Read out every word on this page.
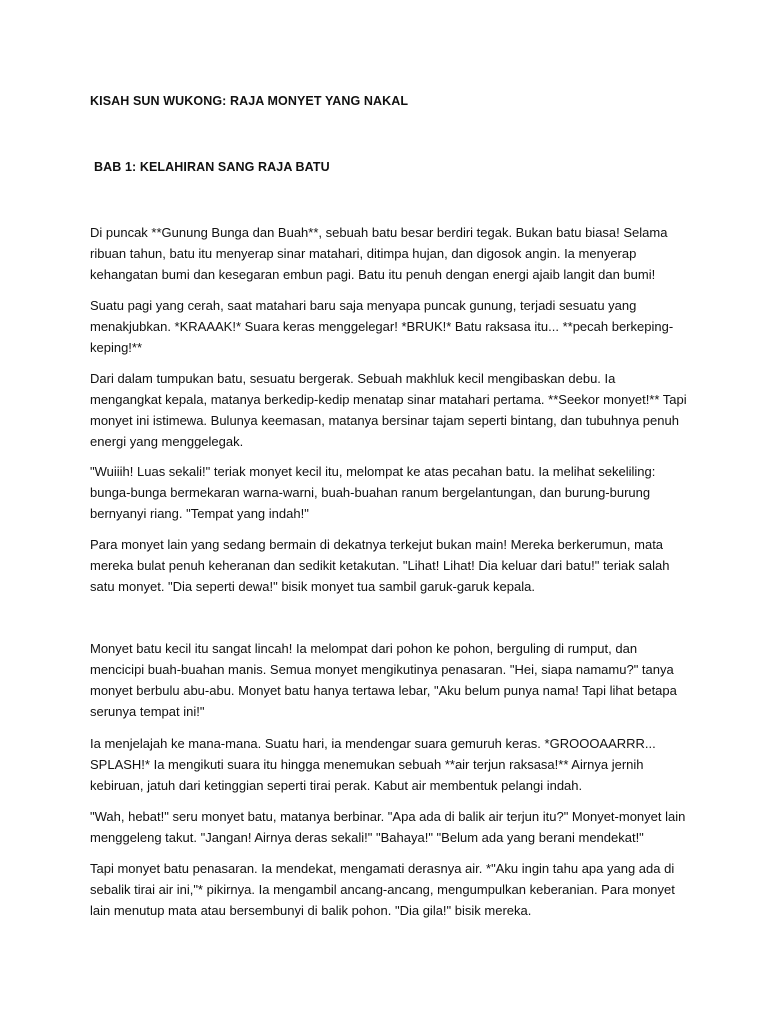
KISAH SUN WUKONG: RAJA MONYET YANG NAKAL
BAB 1: KELAHIRAN SANG RAJA BATU

Di puncak **Gunung Bunga dan Buah**, sebuah batu besar berdiri tegak. Bukan batu biasa! Selama ribuan tahun, batu itu menyerap sinar matahari, ditimpa hujan, dan digosok angin. Ia menyerap kehangatan bumi dan kesegaran embun pagi. Batu itu penuh dengan energi ajaib langit dan bumi!

Suatu pagi yang cerah, saat matahari baru saja menyapa puncak gunung, terjadi sesuatu yang menakjubkan. *KRAAAK!* Suara keras menggelegar! *BRUK!* Batu raksasa itu... **pecah berkeping-keping!**

Dari dalam tumpukan batu, sesuatu bergerak. Sebuah makhluk kecil mengibaskan debu. Ia mengangkat kepala, matanya berkedip-kedip menatap sinar matahari pertama. **Seekor monyet!** Tapi monyet ini istimewa. Bulunya keemasan, matanya bersinar tajam seperti bintang, dan tubuhnya penuh energi yang menggelegak.

"Wuiiih! Luas sekali!" teriak monyet kecil itu, melompat ke atas pecahan batu. Ia melihat sekeliling: bunga-bunga bermekaran warna-warni, buah-buahan ranum bergelantungan, dan burung-burung bernyanyi riang. "Tempat yang indah!"

Para monyet lain yang sedang bermain di dekatnya terkejut bukan main! Mereka berkerumun, mata mereka bulat penuh keheranan dan sedikit ketakutan. "Lihat! Lihat! Dia keluar dari batu!" teriak salah satu monyet. "Dia seperti dewa!" bisik monyet tua sambil garuk-garuk kepala.

Monyet batu kecil itu sangat lincah! Ia melompat dari pohon ke pohon, berguling di rumput, dan mencicipi buah-buahan manis. Semua monyet mengikutinya penasaran. "Hei, siapa namamu?" tanya monyet berbulu abu-abu. Monyet batu hanya tertawa lebar, "Aku belum punya nama! Tapi lihat betapa serunya tempat ini!"

Ia menjelajah ke mana-mana. Suatu hari, ia mendengar suara gemuruh keras. *GROOOAARRR... SPLASH!* Ia mengikuti suara itu hingga menemukan sebuah **air terjun raksasa!** Airnya jernih kebiruan, jatuh dari ketinggian seperti tirai perak. Kabut air membentuk pelangi indah.

"Wah, hebat!" seru monyet batu, matanya berbinar. "Apa ada di balik air terjun itu?" Monyet-monyet lain menggeleng takut. "Jangan! Airnya deras sekali!" "Bahaya!" "Belum ada yang berani mendekat!"

Tapi monyet batu penasaran. Ia mendekat, mengamati derasnya air. *"Aku ingin tahu apa yang ada di sebalik tirai air ini,"* pikirnya. Ia mengambil ancang-ancang, mengumpulkan keberanian. Para monyet lain menutup mata atau bersembunyi di balik pohon. "Dia gila!" bisik mereka.
